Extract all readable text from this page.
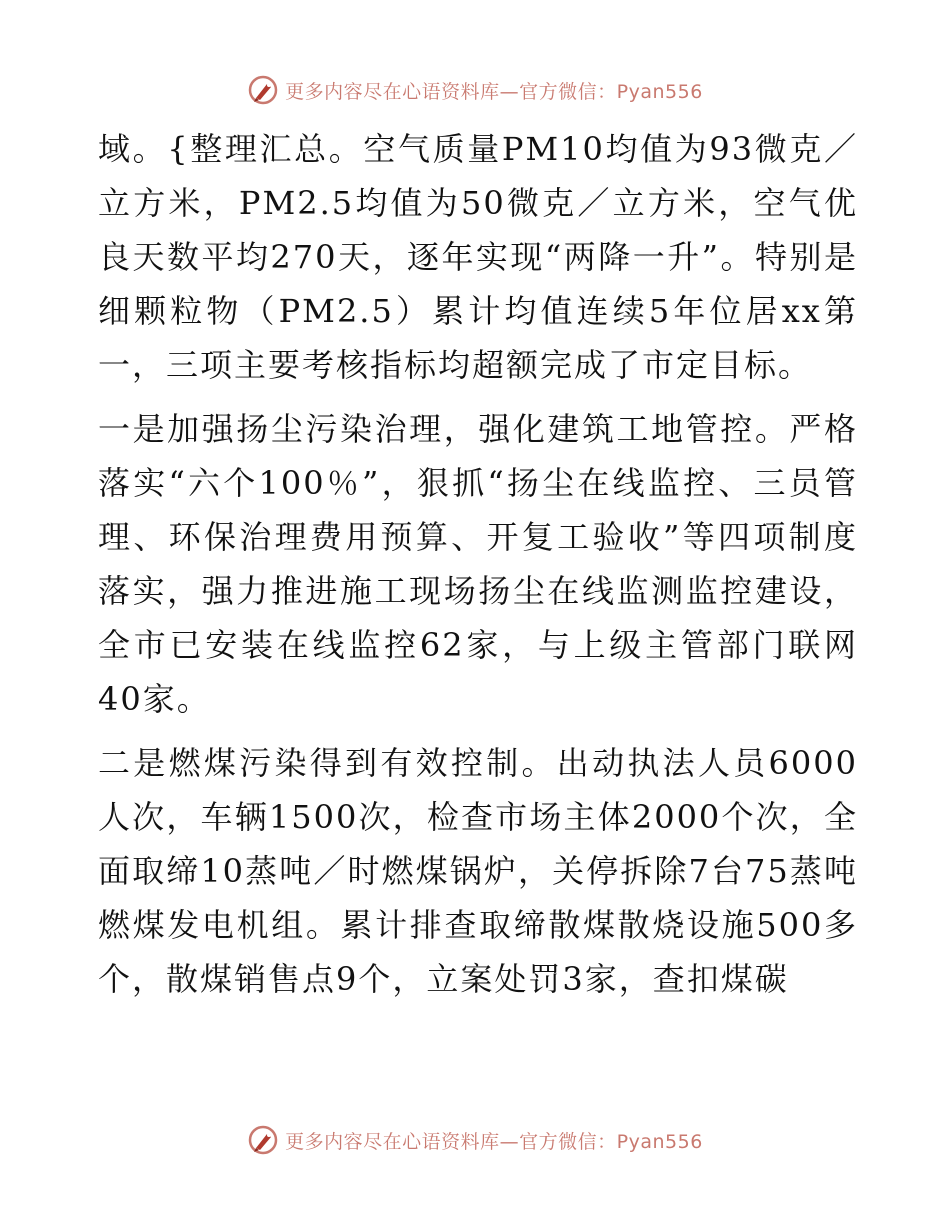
更多内容尽在心语资料库—官方微信：Pyan556

域。{整理汇总。空气质量PM10均值为93微克／立方米，PM2.5均值为50微克／立方米，空气优良天数平均270天，逐年实现“两降一升”。特别是细颗粒物（PM2.5）累计均值连续5年位居xx第一，三项主要考核指标均超额完成了市定目标。

一是加强扬尘污染治理，强化建筑工地管控。严格落实“六个100％”，狠抓“扬尘在线监控、三员管理、环保治理费用预算、开复工验收”等四项制度落实，强力推进施工现场扬尘在线监测监控建设，全市已安装在线监控62家，与上级主管部门联网40家。

二是燃煤污染得到有效控制。出动执法人员6000人次，车辆1500次，检查市场主体2000个次，全面取缔10蒸吨／时燃煤锅炉，关停拆除7台75蒸吨燃煤发电机组。累计排查取缔散煤散烧设施500多个，散煤销售点9个，立案处罚3家，查扣煤碳

更多内容尽在心语资料库—官方微信：Pyan556
